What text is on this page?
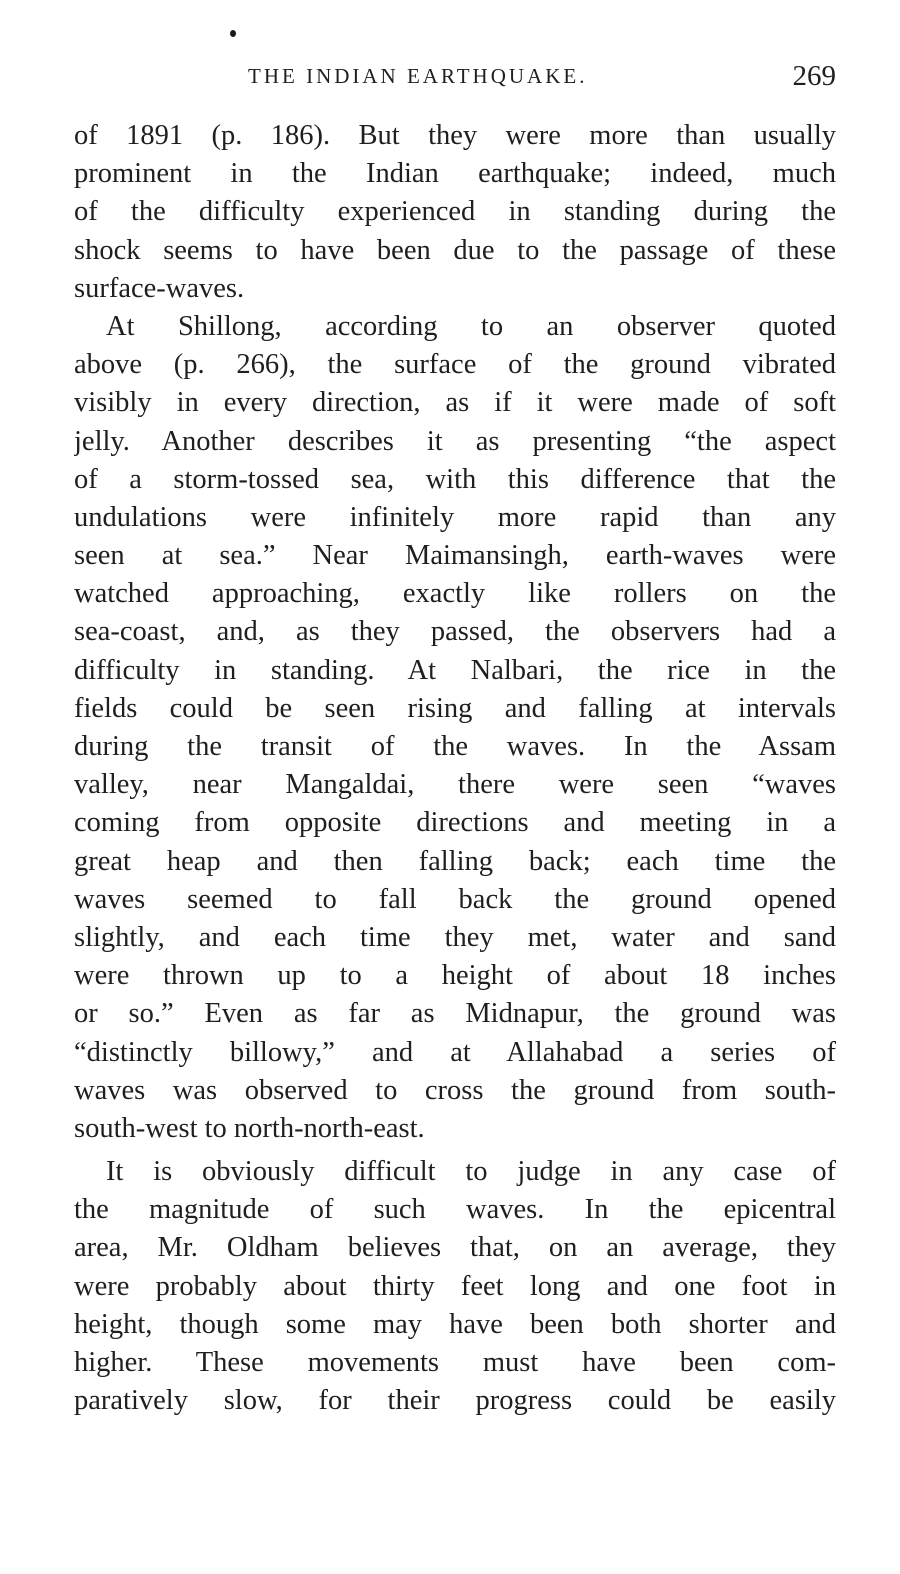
THE INDIAN EARTHQUAKE.	269
of 1891 (p. 186). But they were more than usually
prominent in the Indian earthquake; indeed, much
of the difficulty experienced in standing during the
shock seems to have been due to the passage of these
surface-waves.
At Shillong, according to an observer quoted
above (p. 266), the surface of the ground vibrated
visibly in every direction, as if it were made of soft
jelly. Another describes it as presenting “the aspect
of a storm-tossed sea, with this difference that the
undulations were infinitely more rapid than any
seen at sea.” Near Maimansingh, earth-waves were
watched approaching, exactly like rollers on the
sea-coast, and, as they passed, the observers had a
difficulty in standing. At Nalbari, the rice in the
fields could be seen rising and falling at intervals
during the transit of the waves. In the Assam
valley, near Mangaldai, there were seen “waves
coming from opposite directions and meeting in a
great heap and then falling back; each time the
waves seemed to fall back the ground opened
slightly, and each time they met, water and sand
were thrown up to a height of about 18 inches
or so.” Even as far as Midnapur, the ground was
“distinctly billowy,” and at Allahabad a series of
waves was observed to cross the ground from south-
south-west to north-north-east.
It is obviously difficult to judge in any case of
the magnitude of such waves. In the epicentral
area, Mr. Oldham believes that, on an average, they
were probably about thirty feet long and one foot in
height, though some may have been both shorter and
higher. These movements must have been com-
paratively slow, for their progress could be easily
